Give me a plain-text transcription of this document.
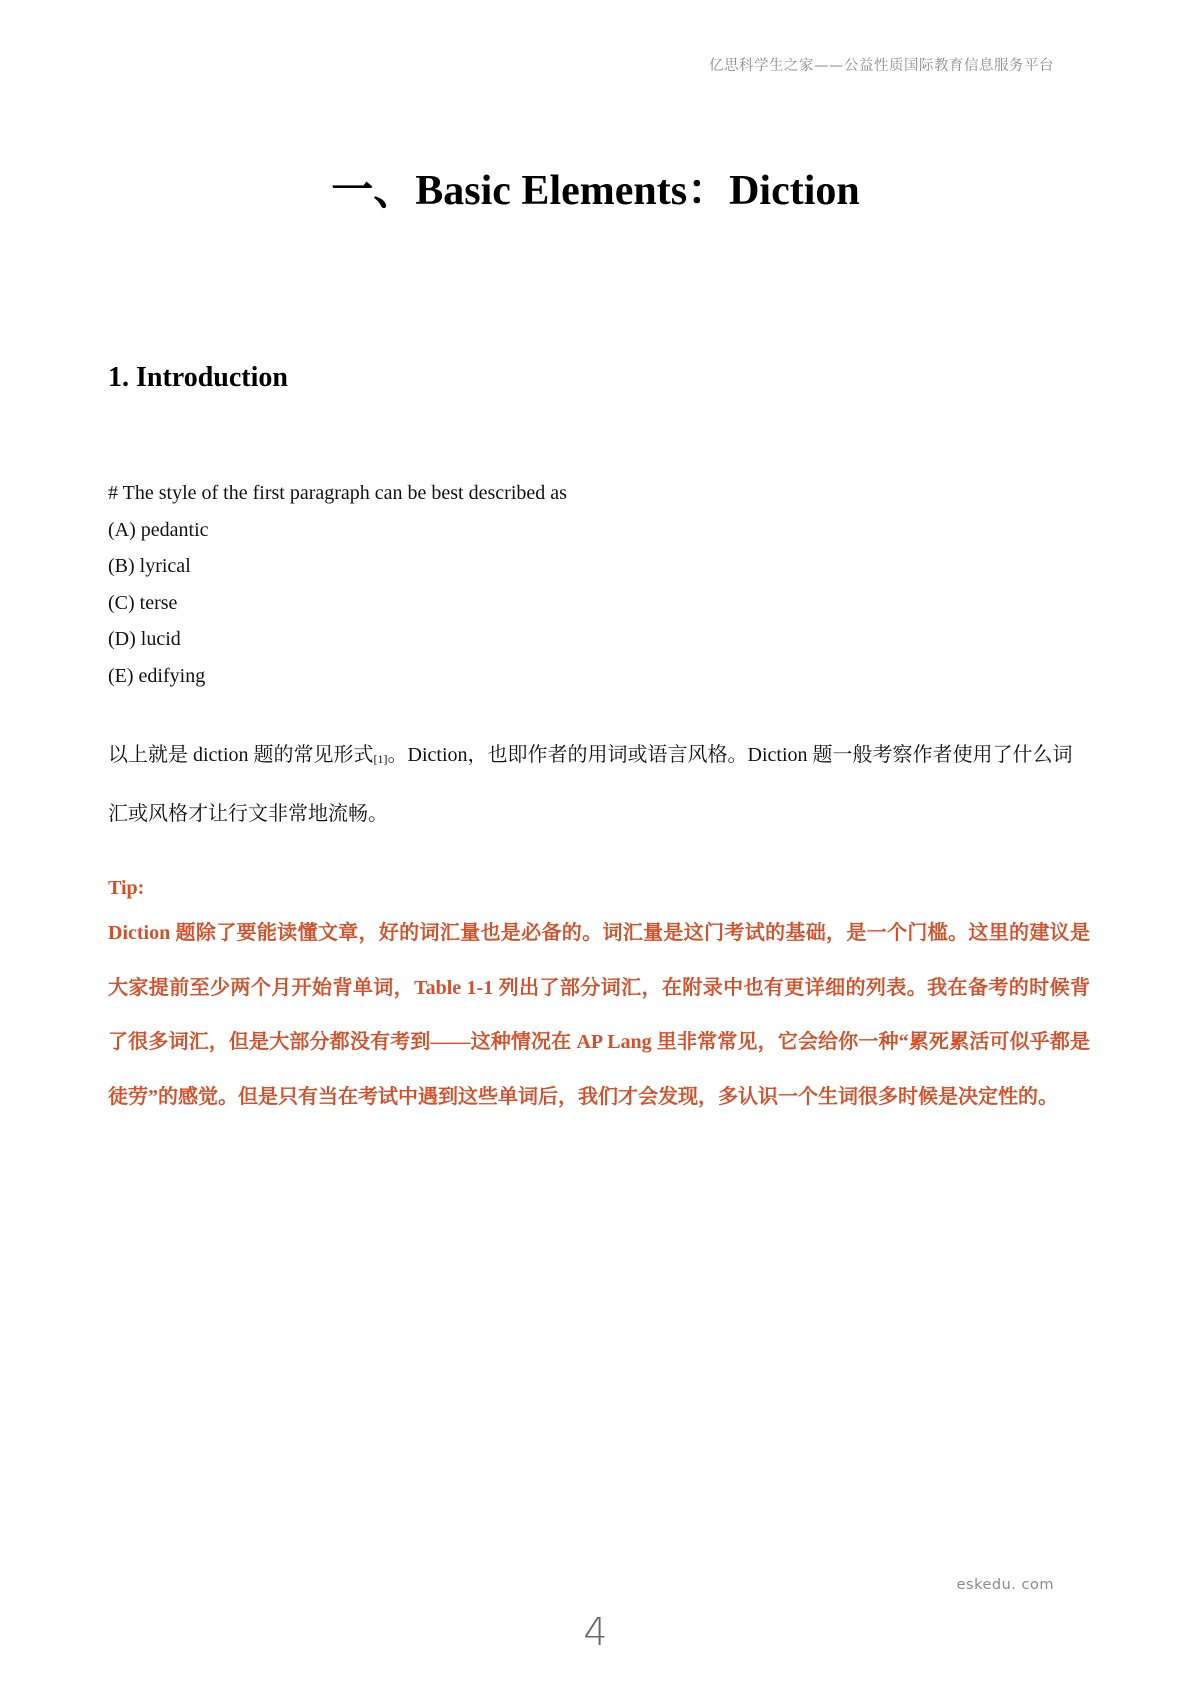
亿思科学生之家——公益性质国际教育信息服务平台
一、Basic Elements：Diction
1. Introduction
# The style of the first paragraph can be best described as
(A) pedantic
(B) lyrical
(C) terse
(D) lucid
(E) edifying

以上就是 diction 题的常见形式$_{[1]}$。Diction，也即作者的用词或语言风格。Diction 题一般考察作者使用了什么词汇或风格才让行文非常地流畅。

Tip:

Diction 题除了要能读懂文章，好的词汇量也是必备的。词汇量是这门考试的基础，是一个门槛。这里的建议是大家提前至少两个月开始背单词，Table 1-1 列出了部分词汇，在附录中也有更详细的列表。我在备考的时候背了很多词汇，但是大部分都没有考到——这种情况在 AP Lang 里非常常见，它会给你一种“累死累活可似乎都是徒劳”的感觉。但是只有当在考试中遇到这些单词后，我们才会发现，多认识一个生词很多时候是决定性的。

eskedu. com
4
